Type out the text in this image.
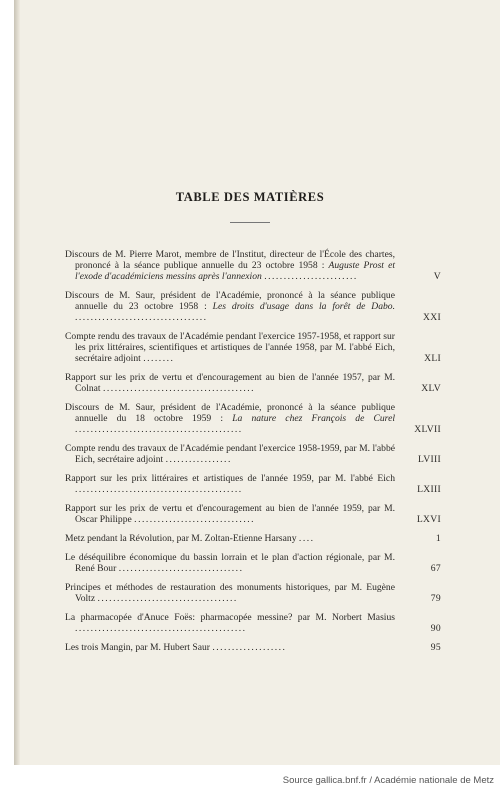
TABLE DES MATIÈRES
Discours de M. Pierre Marot, membre de l'Institut, directeur de l'École des chartes, prononcé à la séance publique annuelle du 23 octobre 1958 : Auguste Prost et l'exode d'académiciens messins après l'annexion ........................	V
Discours de M. Saur, président de l'Académie, prononcé à la séance publique annuelle du 23 octobre 1958 : Les droits d'usage dans la forêt de Dabo. ..................................	XXI
Compte rendu des travaux de l'Académie pendant l'exercice 1957-1958, et rapport sur les prix littéraires, scientifiques et artistiques de l'année 1958, par M. l'abbé Eich, secrétaire adjoint ........	XLI
Rapport sur les prix de vertu et d'encouragement au bien de l'année 1957, par M. Colnat .......................................	XLV
Discours de M. Saur, président de l'Académie, prononcé à la séance publique annuelle du 18 octobre 1959 : La nature chez François de Curel ...........................................	XLVII
Compte rendu des travaux de l'Académie pendant l'exercice 1958-1959, par M. l'abbé Eich, secrétaire adjoint .................	LVIII
Rapport sur les prix littéraires et artistiques de l'année 1959, par M. l'abbé Eich ...........................................	LXIII
Rapport sur les prix de vertu et d'encouragement au bien de l'année 1959, par M. Oscar Philippe ...............................	LXVI
Metz pendant la Révolution, par M. Zoltan-Etienne Harsany ....	1
Le déséquilibre économique du bassin lorrain et le plan d'action régionale, par M. René Bour ................................	67
Principes et méthodes de restauration des monuments historiques, par M. Eugène Voltz ....................................	79
La pharmacopée d'Anuce Foës: pharmacopée messine? par M. Norbert Masius ............................................	90
Les trois Mangin, par M. Hubert Saur ...................	95
Source gallica.bnf.fr / Académie nationale de Metz
